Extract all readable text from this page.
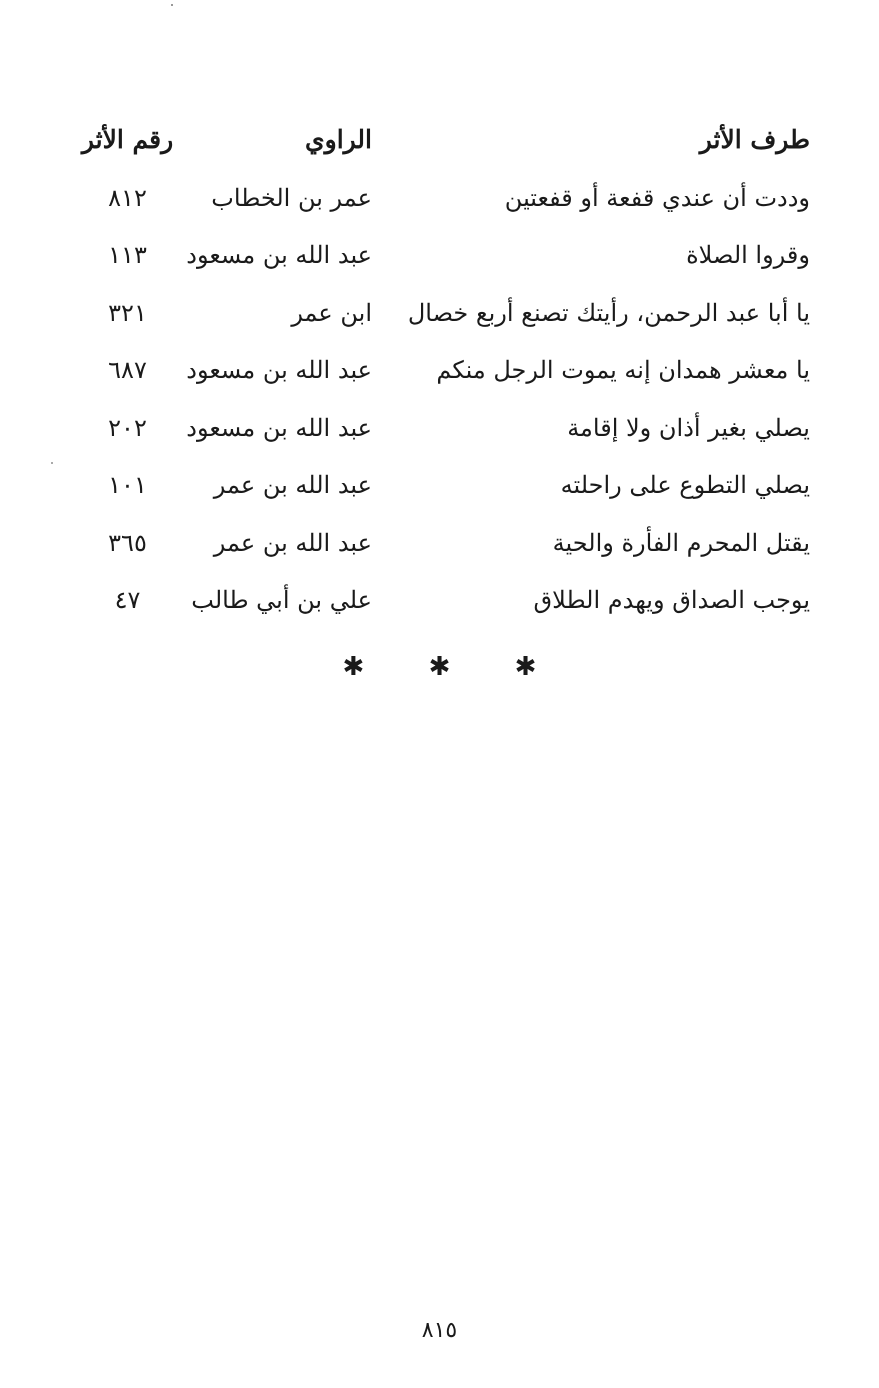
طرف الأثر
الراوي
رقم الأثر
وددت أن عندي قفعة أو قفعتين
عمر بن الخطاب
٨١٢
وقروا الصلاة
عبد الله بن مسعود
١١٣
يا أبا عبد الرحمن، رأيتك تصنع أربع خصال
ابن عمر
٣٢١
يا معشر همدان إنه يموت الرجل منكم
عبد الله بن مسعود
٦٨٧
يصلي بغير أذان ولا إقامة
عبد الله بن مسعود
٢٠٢
يصلي التطوع على راحلته
عبد الله بن عمر
١٠١
يقتل المحرم الفأرة والحية
عبد الله بن عمر
٣٦٥
يوجب الصداق ويهدم الطلاق
علي بن أبي طالب
٤٧
✱ ✱ ✱
٨١٥
